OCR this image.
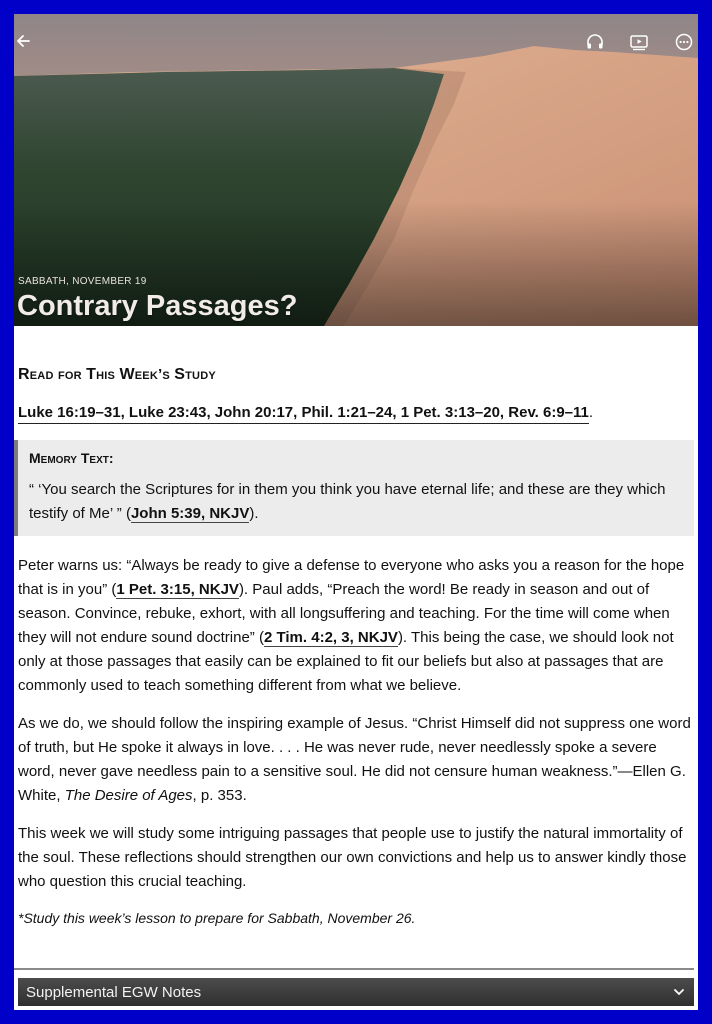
SABBATH, NOVEMBER 19
Contrary Passages?
Read for This Week’s Study
Luke 16:19–31, Luke 23:43, John 20:17, Phil. 1:21–24, 1 Pet. 3:13–20, Rev. 6:9–11.
Memory Text:
“ ‘You search the Scriptures for in them you think you have eternal life; and these are they which testify of Me’ ” (John 5:39, NKJV).

Peter warns us: “Always be ready to give a defense to everyone who asks you a reason for the hope that is in you” (1 Pet. 3:15, NKJV). Paul adds, “Preach the word! Be ready in season and out of season. Convince, rebuke, exhort, with all longsuffering and teaching. For the time will come when they will not endure sound doctrine” (2 Tim. 4:2, 3, NKJV). This being the case, we should look not only at those passages that easily can be explained to fit our beliefs but also at passages that are commonly used to teach something different from what we believe.

As we do, we should follow the inspiring example of Jesus. “Christ Himself did not suppress one word of truth, but He spoke it always in love. . . . He was never rude, never needlessly spoke a severe word, never gave needless pain to a sensitive soul. He did not censure human weakness.”—Ellen G. White, The Desire of Ages, p. 353.

This week we will study some intriguing passages that people use to justify the natural immortality of the soul. These reflections should strengthen our own convictions and help us to answer kindly those who question this crucial teaching.

*Study this week’s lesson to prepare for Sabbath, November 26.
Supplemental EGW Notes
